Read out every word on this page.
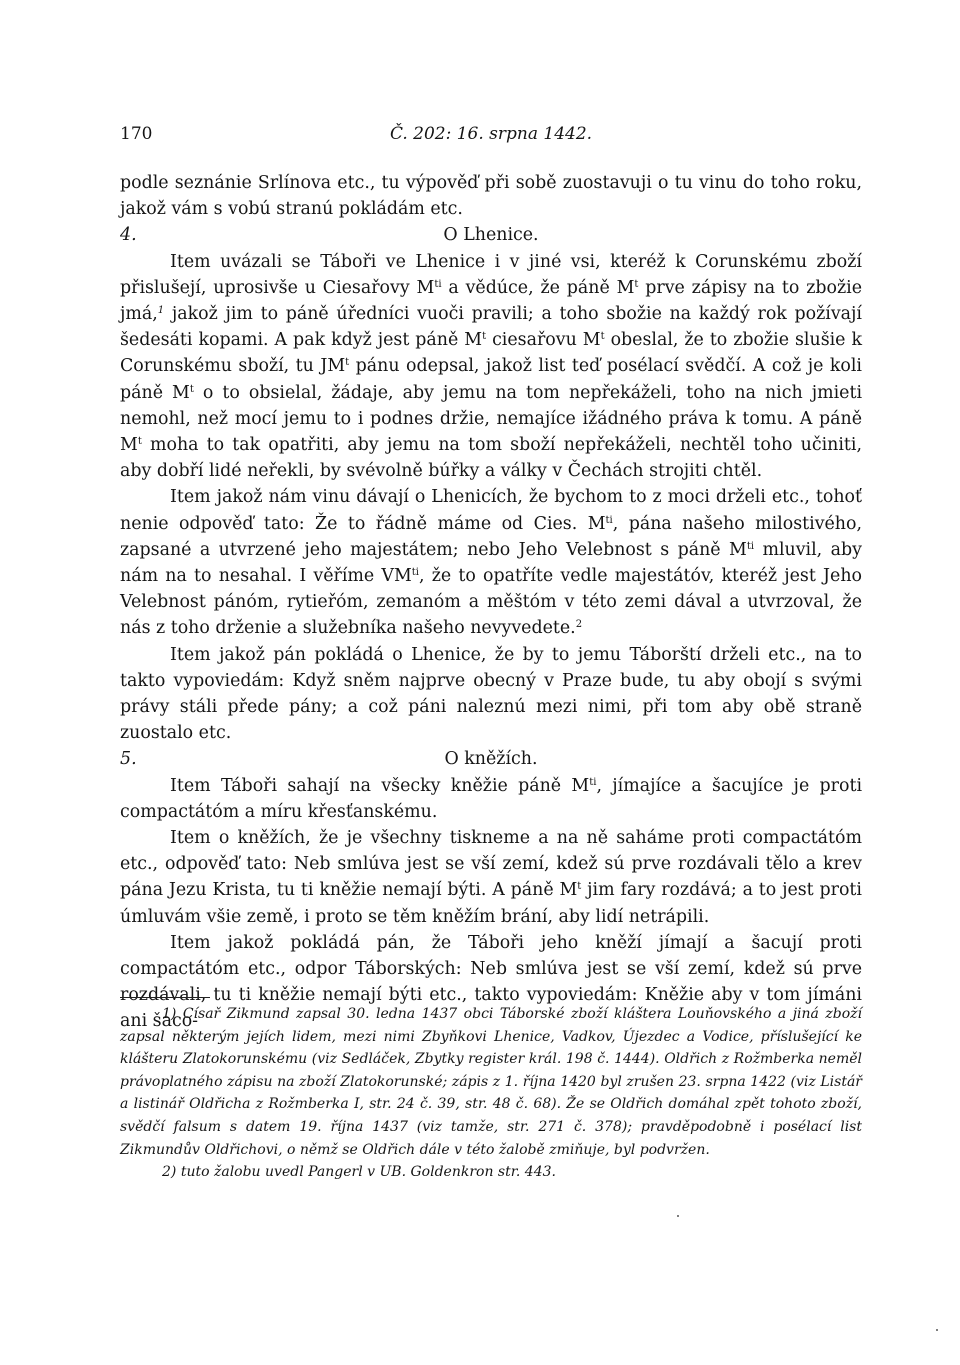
170	Č. 202: 16. srpna 1442.

podle seznánie Srlínova etc., tu výpověď při sobě zuostavuji o tu vinu do toho roku, jakož vám s vobú stranú pokládám etc.

4.	O Lhenice.

Item uvázali se Táboři ve Lhenice i v jiné vsi, kteréž k Corunskému zboží přislušejí, uprosivše u Ciesařovy $M^{ti}$ a vědúce, že páně $M^t$ prve zápisy na to zbožie jmá,$^1$ jakož jim to páně úředníci vuoči pravili; a toho sbožie na každý rok požívají šedesáti kopami. A pak když jest páně $M^t$ ciesařovu $M^t$ obeslal, že to zbožie slušie k Corunskému sboží, tu $JM^t$ pánu odepsal, jakož list teď posélací svědčí. A což je koli páně $M^t$ o to obsielal, žádaje, aby jemu na tom nepřekáželi, toho na nich jmieti nemohl, než mocí jemu to i podnes držie, nemajíce ižádného práva k tomu. A páně $M^t$ moha to tak opatřiti, aby jemu na tom sboží nepřekáželi, nechtěl toho učiniti, aby dobří lidé neřekli, by svévolně búřky a války v Čechách strojiti chtěl.

Item jakož nám vinu dávají o Lhenicích, že bychom to z moci drželi etc., tohoť nenie odpověď tato: Že to řádně máme od Cies. $M^{ti}$, pána našeho milostivého, zapsané a utvrzené jeho majestátem; nebo Jeho Velebnost s páně $M^{ti}$ mluvil, aby nám na to nesahal. I věříme $VM^{ti}$, že to opatříte vedle majestátóv, kteréž jest Jeho Velebnost pánóm, rytieřóm, zemanóm a měštóm v této zemi dával a utvrzoval, že nás z toho drženie a služebníka našeho nevyvedete.$^2$

Item jakož pán pokládá o Lhenice, že by to jemu Táborští drželi etc., na to takto vypoviedám: Když sněm najprve obecný v Praze bude, tu aby obojí s svými právy stáli přede pány; a což páni naleznú mezi nimi, při tom aby obě straně zuostalo etc.

5.	O kněžích.

Item Táboři sahají na všecky kněžie páně $M^{ti}$, jímajíce a šacujíce je proti compactátóm a míru křesťanskému.

Item o kněžích, že je všechny tiskneme a na ně saháme proti compactátóm etc., odpověď tato: Neb smlúva jest se vší zemí, kdež sú prve rozdávali tělo a krev pána Jezu Krista, tu ti kněžie nemají býti. A páně $M^t$ jim fary rozdává; a to jest proti úmluvám všie země, i proto se těm kněžím brání, aby lidí netrápili.

Item jakož pokládá pán, že Táboři jeho kněží jímají a šacují proti compactátóm etc., odpor Táborských: Neb smlúva jest se vší zemí, kdež sú prve rozdávali, tu ti kněžie nemají býti etc., takto vypoviedám: Kněžie aby v tom jímáni ani šaco-

1) Císař Zikmund zapsal 30. ledna 1437 obci Táborské zboží kláštera Louňovského a jiná zboží zapsal některým jejích lidem, mezi nimi Zbyňkovi Lhenice, Vadkov, Újezdec a Vodice, příslušející ke klášteru Zlatokorunskému (viz Sedláček, Zbytky register král. 198 č. 1444). Oldřich z Rožmberka neměl právoplatného zápisu na zboží Zlatokorunské; zápis z 1. října 1420 byl zrušen 23. srpna 1422 (viz Listář a listinář Oldřicha z Rožmberka I, str. 24 č. 39, str. 48 č. 68). Že se Oldřich domáhal zpět tohoto zboží, svědčí falsum s datem 19. října 1437 (viz tamže, str. 271 č. 378); pravděpodobně i posélací list Zikmundův Oldřichovi, o němž se Oldřich dále v této žalobě zmiňuje, byl podvržen.

2) tuto žalobu uvedl Pangerl v UB. Goldenkron str. 443.
